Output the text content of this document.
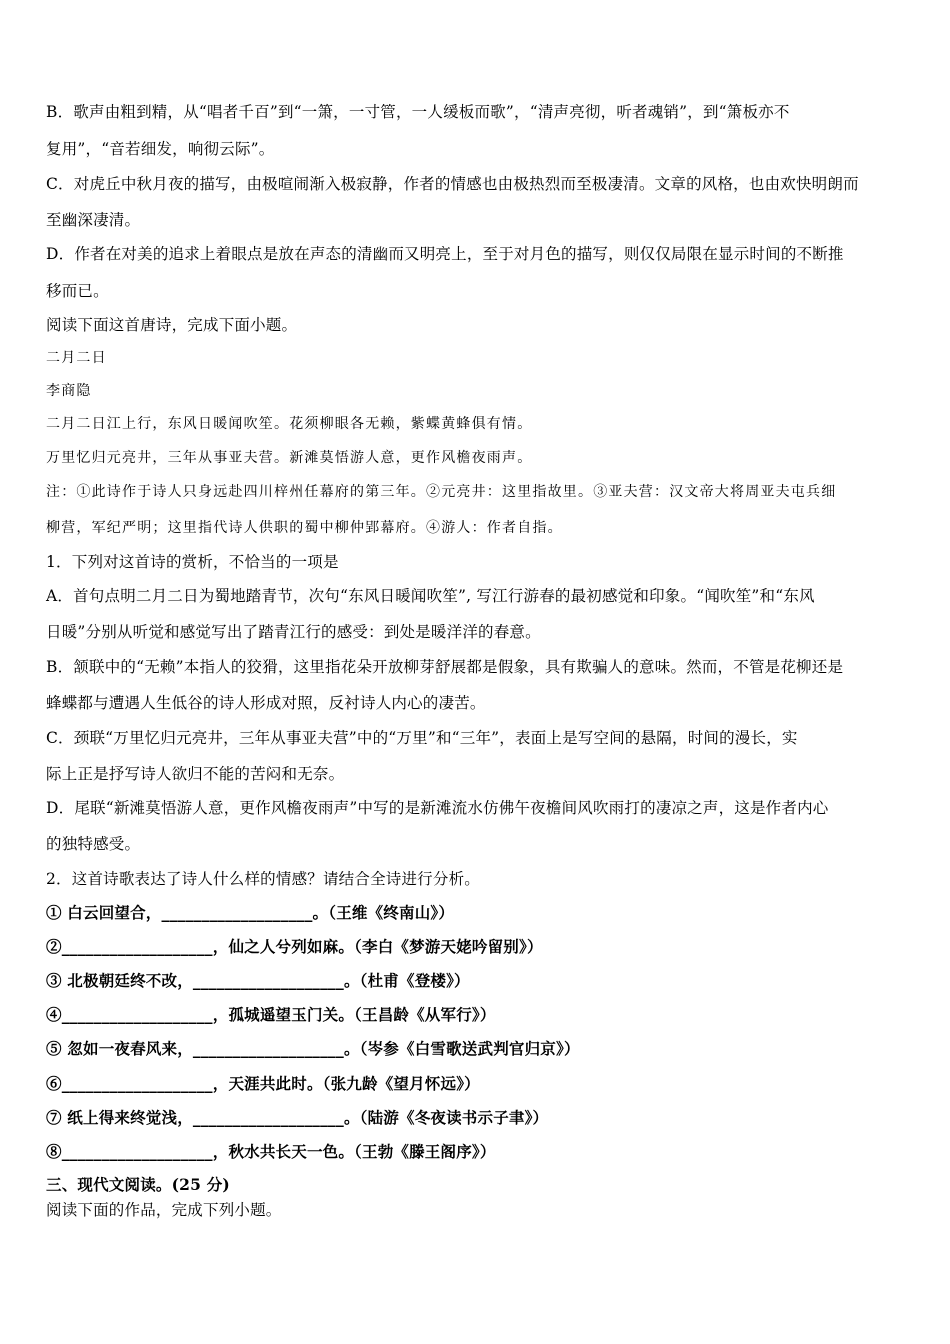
B．歌声由粗到精，从“唱者千百”到“一箫，一寸管，一人缓板而歌”，“清声亮彻，听者魂销”，到“箫板亦不
复用”，“音若细发，响彻云际”。
C．对虎丘中秋月夜的描写，由极喧闹渐入极寂静，作者的情感也由极热烈而至极凄清。文章的风格，也由欢快明朗而
至幽深凄清。
D．作者在对美的追求上着眼点是放在声态的清幽而又明亮上，至于对月色的描写，则仅仅局限在显示时间的不断推
移而已。
阅读下面这首唐诗，完成下面小题。
二月二日
李商隐
二月二日江上行，东风日暖闻吹笙。花须柳眼各无赖，紫蝶黄蜂俱有情。
万里忆归元亮井，三年从事亚夫营。新滩莫悟游人意，更作风檐夜雨声。
注：①此诗作于诗人只身远赴四川梓州任幕府的第三年。②元亮井：这里指故里。③亚夫营：汉文帝大将周亚夫屯兵细
柳营，军纪严明；这里指代诗人供职的蜀中柳仲郢幕府。④游人：作者自指。
1．下列对这首诗的赏析，不恰当的一项是
A．首句点明二月二日为蜀地踏青节，次句“东风日暖闻吹笙”, 写江行游春的最初感觉和印象。“闻吹笙”和“东风
日暖”分别从听觉和感觉写出了踏青江行的感受：到处是暖洋洋的春意。
B．颔联中的“无赖”本指人的狡猾，这里指花朵开放柳芽舒展都是假象，具有欺骗人的意味。然而，不管是花柳还是
蜂蝶都与遭遇人生低谷的诗人形成对照，反衬诗人内心的凄苦。
C．颈联“万里忆归元亮井，三年从事亚夫营”中的“万里”和“三年”，表面上是写空间的悬隔，时间的漫长，实
际上正是抒写诗人欲归不能的苦闷和无奈。
D．尾联“新滩莫悟游人意，更作风檐夜雨声”中写的是新滩流水仿佛午夜檐间风吹雨打的凄凉之声，这是作者内心
的独特感受。
2．这首诗歌表达了诗人什么样的情感？请结合全诗进行分析。
① 白云回望合，___________________。（王维《终南山》）
②___________________，仙之人兮列如麻。（李白《梦游天姥吟留别》）
③ 北极朝廷终不改，___________________。（杜甫《登楼》）
④___________________，孤城遥望玉门关。（王昌龄《从军行》）
⑤ 忽如一夜春风来，___________________。（岑参《白雪歌送武判官归京》）
⑥___________________，天涯共此时。（张九龄《望月怀远》）
⑦ 纸上得来终觉浅，___________________。（陆游《冬夜读书示子聿》）
⑧___________________，秋水共长天一色。（王勃《滕王阁序》）
三、现代文阅读。(25 分)
阅读下面的作品，完成下列小题。
